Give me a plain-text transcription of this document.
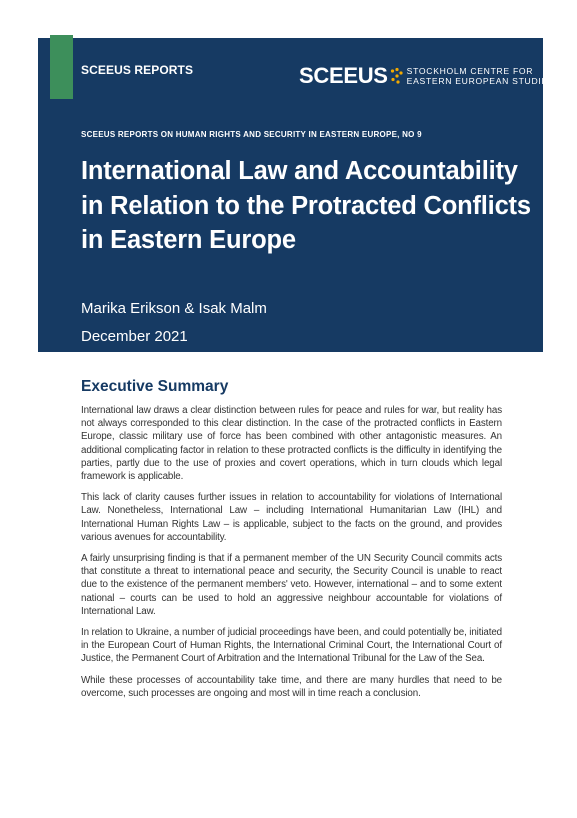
SCEEUS REPORTS	SCEEUS STOCKHOLM CENTRE FOR
EASTERN EUROPEAN STUDIES
SCEEUS REPORTS ON HUMAN RIGHTS AND SECURITY IN EASTERN EUROPE, NO 9
International Law and Accountability in Relation to the Protracted Conflicts in Eastern Europe
Marika Erikson & Isak Malm
December 2021
Executive Summary

International law draws a clear distinction between rules for peace and rules for war, but reality has not always corresponded to this clear distinction. In the case of the protracted conflicts in Eastern Europe, classic military use of force has been combined with other antagonistic measures. An additional complicating factor in relation to these protracted conflicts is the difficulty in identifying the parties, partly due to the use of proxies and covert operations, which in turn clouds which legal framework is applicable.

This lack of clarity causes further issues in relation to accountability for violations of International Law. Nonetheless, International Law – including International Humanitarian Law (IHL) and International Human Rights Law – is applicable, subject to the facts on the ground, and provides various avenues for accountability.

A fairly unsurprising finding is that if a permanent member of the UN Security Council commits acts that constitute a threat to international peace and security, the Security Council is unable to react due to the existence of the permanent members' veto. However, international – and to some extent national – courts can be used to hold an aggressive neighbour accountable for violations of International Law.

In relation to Ukraine, a number of judicial proceedings have been, and could potentially be, initiated in the European Court of Human Rights, the International Criminal Court, the International Court of Justice, the Permanent Court of Arbitration and the International Tribunal for the Law of the Sea.

While these processes of accountability take time, and there are many hurdles that need to be overcome, such processes are ongoing and most will in time reach a conclusion.
